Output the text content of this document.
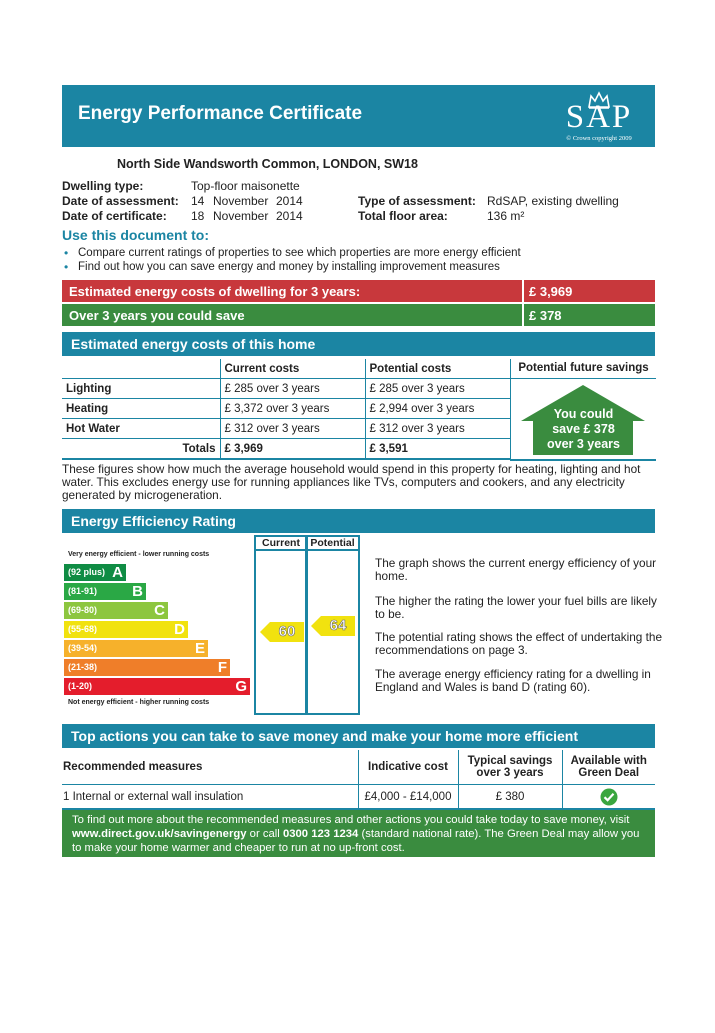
Energy Performance Certificate	SAP
© Crown copyright 2009
North Side Wandsworth Common, LONDON, SW18
Dwelling type:	Top-floor maisonette
Date of assessment: 14 November 2014
Date of certificate: 18 November 2014
Type of assessment: RdSAP, existing dwelling
Total floor area:	136 m²
Use this document to:
• Compare current ratings of properties to see which properties are more energy efficient
• Find out how you can save energy and money by installing improvement measures
Estimated energy costs of dwelling for 3 years:	£ 3,969
Over 3 years you could save	£ 378
Estimated energy costs of this home
	Current costs	Potential costs
Lighting	£ 285 over 3 years	£ 285 over 3 years
Heating	£ 3,372 over 3 years	£ 2,994 over 3 years
Hot Water	£ 312 over 3 years	£ 312 over 3 years
Totals	£ 3,969	£ 3,591
Potential future savings
You could
save £ 378
over 3 years
These figures show how much the average household would spend in this property for heating, lighting and hot water. This excludes energy use for running appliances like TVs, computers and cookers, and any electricity generated by microgeneration.
Energy Efficiency Rating
Current Potential
Very energy efficient - lower running costs
Not energy efficient - higher running costs
(92 plus) A
(81-91) B
(69-80)	C
(55-68)	D
(39-54)	E
(21-38)	F
(1-20)	G
60	64
The graph shows the current energy efficiency of your home.
The higher the rating the lower your fuel bills are likely to be.
The potential rating shows the effect of undertaking the recommendations on page 3.
The average energy efficiency rating for a dwelling in England and Wales is band D (rating 60).
Top actions you can take to save money and make your home more efficient
Recommended measures	Indicative cost	Typical savings over 3 years	Available with Green Deal
1 Internal or external wall insulation	£4,000 - £14,000	£ 380	
To find out more about the recommended measures and other actions you could take today to save money, visit www.direct.gov.uk/savingenergy or call 0300 123 1234 (standard national rate). The Green Deal may allow you to make your home warmer and cheaper to run at no up-front cost.
